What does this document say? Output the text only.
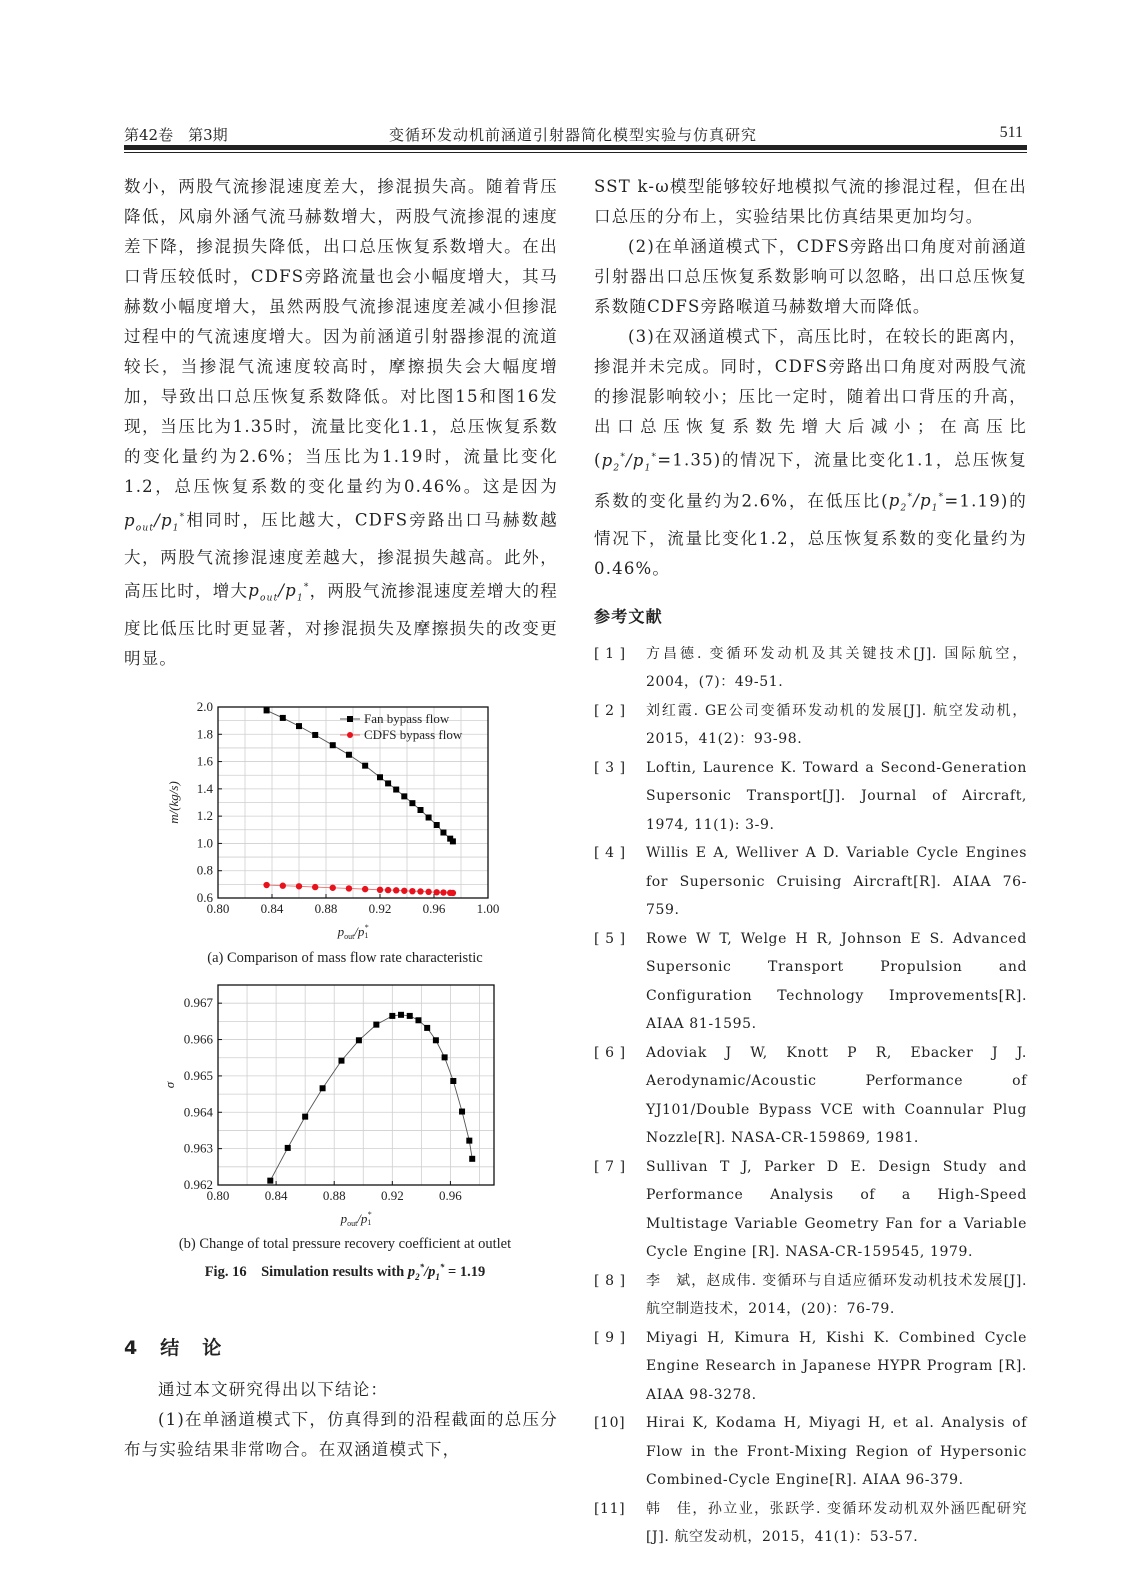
第42卷　第3期	变循环发动机前涵道引射器简化模型实验与仿真研究	511

数小，两股气流掺混速度差大，掺混损失高。随着背压降低，风扇外涵气流马赫数增大，两股气流掺混的速度差下降，掺混损失降低，出口总压恢复系数增大。在出口背压较低时，CDFS旁路流量也会小幅度增大，其马赫数小幅度增大，虽然两股气流掺混速度差减小但掺混过程中的气流速度增大。因为前涵道引射器掺混的流道较长，当掺混气流速度较高时，摩擦损失会大幅度增加，导致出口总压恢复系数降低。对比图15和图16发现，当压比为1.35时，流量比变化1.1，总压恢复系数的变化量约为2.6%；当压比为1.19时，流量比变化1.2，总压恢复系数的变化量约为0.46%。这是因为$p_{out}/p_1^*$相同时，压比越大，CDFS旁路出口马赫数越大，两股气流掺混速度差越大，掺混损失越高。此外，高压比时，增大$p_{out}/p_1^*$，两股气流掺混速度差增大的程度比低压比时更显著，对掺混损失及摩擦损失的改变更明显。

0.80 0.84 0.88 0.92 0.96 1.00
0.6
0.8
1.0
1.2
1.4
1.6
1.8
2.0
$p_{out}/p^*$ 1
m/(kg/s)
Fan bypass flow
CDFS bypass flow
(a) Comparison of mass flow rate characteristic
0.80	0.84	0.88	0.92	0.96
0.962
0.963
0.964
0.965
0.966
0.967
$p_{out}/p^*$ 1
σ
(b) Change of total pressure recovery coefficient at outlet
Fig. 16　Simulation results with $p_2^*/p_1^* = 1.19$
4　结　论

通过本文研究得出以下结论：

(1)在单涵道模式下，仿真得到的沿程截面的总压分布与实验结果非常吻合。在双涵道模式下，

SST k-ω模型能够较好地模拟气流的掺混过程，但在出口总压的分布上，实验结果比仿真结果更加均匀。

(2)在单涵道模式下，CDFS旁路出口角度对前涵道引射器出口总压恢复系数影响可以忽略，出口总压恢复系数随CDFS旁路喉道马赫数增大而降低。

(3)在双涵道模式下，高压比时，在较长的距离内，掺混并未完成。同时，CDFS旁路出口角度对两股气流的掺混影响较小；压比一定时，随着出口背压的升高，出口总压恢复系数先增大后减小；在高压比$(p_2^*/p_1^*=1.35)$的情况下，流量比变化1.1，总压恢复系数的变化量约为2.6%，在低压比$(p_2^*/p_1^*=1.19)$的情况下，流量比变化1.2，总压恢复系数的变化量约为0.46%。

参考文献
[ 1 ]	方昌德. 变循环发动机及其关键技术[J]. 国际航空，2004，(7)：49-51.
[ 2 ]	刘红霞. GE公司变循环发动机的发展[J]. 航空发动机，2015，41(2)：93-98.
[ 3 ]	Loftin, Laurence K. Toward a Second-Generation Supersonic Transport[J]. Journal of Aircraft, 1974, 11(1): 3-9.
[ 4 ]	Willis E A, Welliver A D. Variable Cycle Engines for Supersonic Cruising Aircraft[R]. AIAA 76-759.
[ 5 ]	Rowe W T, Welge H R, Johnson E S. Advanced Supersonic Transport Propulsion and Configuration Technology Improvements[R]. AIAA 81-1595.
[ 6 ]	Adoviak J W, Knott P R, Ebacker J J. Aerodynamic/Acoustic Performance of YJ101/Double Bypass VCE with Coannular Plug Nozzle[R]. NASA-CR-159869, 1981.
[ 7 ]	Sullivan T J, Parker D E. Design Study and Performance Analysis of a High-Speed Multistage Variable Geometry Fan for a Variable Cycle Engine [R]. NASA-CR-159545, 1979.
[ 8 ]	李　斌，赵成伟. 变循环与自适应循环发动机技术发展[J]. 航空制造技术，2014，(20)：76-79.
[ 9 ]	Miyagi H, Kimura H, Kishi K. Combined Cycle Engine Research in Japanese HYPR Program [R]. AIAA 98-3278.
[10]	Hirai K, Kodama H, Miyagi H, et al. Analysis of Flow in the Front-Mixing Region of Hypersonic Combined-Cycle Engine[R]. AIAA 96-379.
[11]	韩　佳，孙立业，张跃学. 变循环发动机双外涵匹配研究[J]. 航空发动机，2015，41(1)：53-57.
